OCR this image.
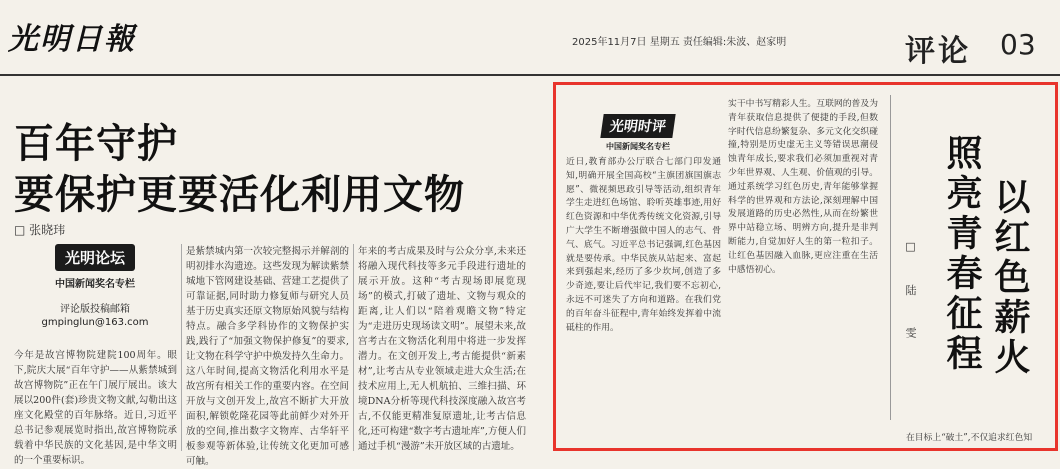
光明日報	2025年11月7日 星期五 责任编辑:朱波、赵家明	评论 03
百年守护
要保护更要活化利用文物
□ 张晓玮
光明论坛
中国新闻奖名专栏
评论版投稿邮箱
gmpinglun@163.com
今年是故宫博物院建院100周年。眼下,院庆大展“百年守护——从紫禁城到故宫博物院”正在午门展厅展出。该大展以200件(套)珍贵文物文献,勾勒出这座文化殿堂的百年脉络。近日,习近平总书记参观展览时指出,故宫博物院承载着中华民族的文化基因,是中华文明的一个重要标识。
是紫禁城内第一次较完整揭示并解剖的明初排水沟遗迹。这些发现为解读紫禁城地下管网建设基础、营建工艺提供了可靠证据,同时助力修复师与研究人员基于历史真实还原文物原始风貌与结构特点。融合多学科协作的文物保护实践,践行了“加强文物保护修复”的要求,让文物在科学守护中焕发持久生命力。这八年时间,提高文物活化利用水平是故宫所有相关工作的重要内容。在空间开放与文创开发上,故宫不断扩大开放面积,解锁乾隆花园等此前鲜少对外开放的空间,推出数字文物库、古华轩平板参观等新体验,让传统文化更加可感可触。
年来的考古成果及时与公众分享,未来还将融入现代科技等多元手段进行遗址的展示开放。这种“考古现场即展览现场”的模式,打破了遗址、文物与观众的距离,让人们以“陪着观瞻文物”特定为“走进历史现场读文明”。展望未来,故宫考古在文物活化利用中将进一步发挥潜力。在文创开发上,考古能提供“新素材”,让考古从专业领域走进大众生活;在技术应用上,无人机航拍、三维扫描、环境DNA分析等现代科技深度融入故宫考古,不仅能更精准复原遗址,让考古信息化,还可构建“数字考古遗址库”,方便人们通过手机“漫游”未开放区域的古遗址。
光明时评
中国新闻奖名专栏
近日,教育部办公厅联合七部门印发通知,明确开展全国高校“主旗团旗国旗志愿”、微视频思政引导等活动,组织青年学生走进红色场馆、聆听英雄事迹,用好红色资源和中华优秀传统文化资源,引导广大学生不断增强做中国人的志气、骨气、底气。习近平总书记强调,红色基因就是要传承。中华民族从站起来、富起来到强起来,经历了多少坎坷,创造了多少奇迹,要让后代牢记,我们要不忘初心,永远不可迷失了方向和道路。在我们党的百年奋斗征程中,青年始终发挥着中流砥柱的作用。
实干中书写精彩人生。互联网的普及为青年获取信息提供了便捷的手段,但数字时代信息纷繁复杂、多元文化交织碰撞,特别是历史虚无主义等错误思潮侵蚀青年成长,要求我们必须加重视对青少年世界观、人生观、价值观的引导。通过系统学习红色历史,青年能够掌握科学的世界观和方法论,深刻理解中国发展道路的历史必然性,从而在纷繁世界中站稳立场、明辨方向,提升是非判断能力,自觉加好人生的第一粒扣子。让红色基因融入血脉,更应注重在生活中感悟初心。	以红色薪火
照亮青春征程
□ 陆 雯
在目标上“破土”,不仅追求红色知
